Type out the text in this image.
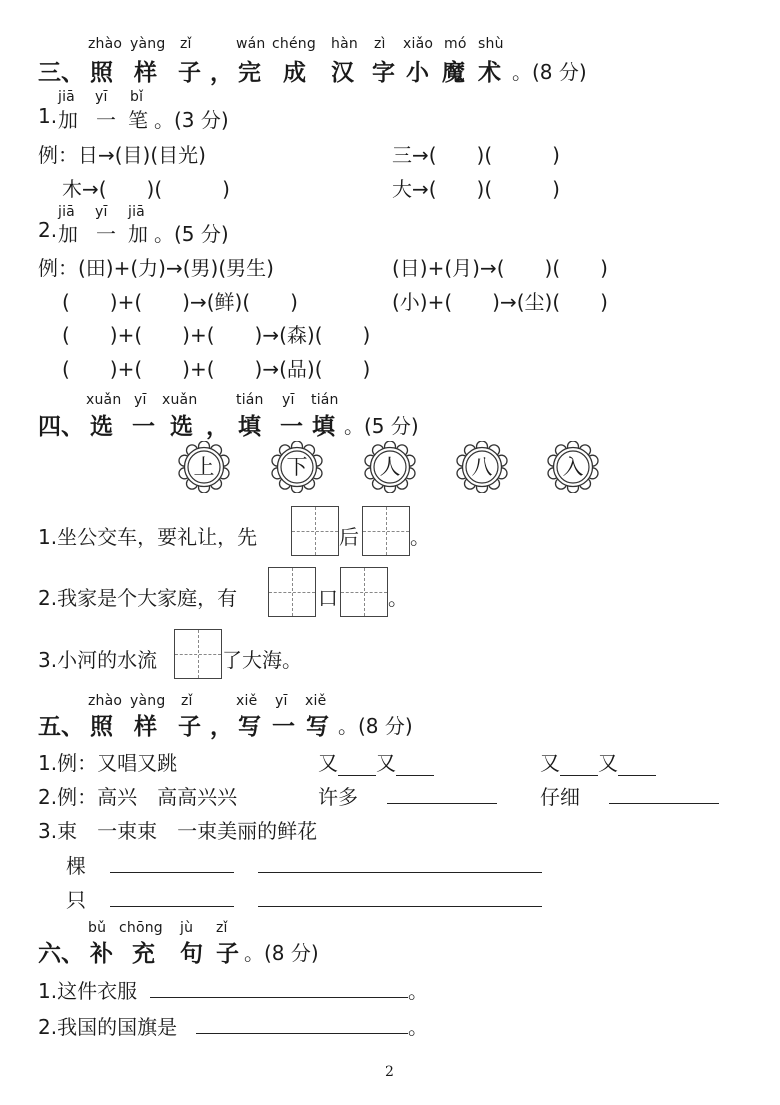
zhào yàng zǐ	wán chéng hàn zì xiǎo mó shù
三、 照 样 子 ， 完 成 汉 字 小 魔 术 。(8 分)
jiā yī bǐ
1. 加 一 笔 。(3 分)
例：日→(目)(目光)	三→(　　)(　　　)
木→(　　)(　　　)	大→(　　)(　　　)
jiā yī jiā
2. 加 一 加 。(5 分)
例：(田)+(力)→(男)(男生)	(日)+(月)→(　　)(　　)
(　　)+(　　)→(鲜)(　　)	(小)+(　　)→(尘)(　　)
(　　)+(　　)+(　　)→(森)(　　)
(　　)+(　　)+(　　)→(品)(　　)
xuǎn yī xuǎn	tián yī tián
四、 选 一 选 ， 填 一 填 。(5 分)
上	下	人	八	入
1.坐公交车，要礼让，先	后	。
2.我家是个大家庭，有	口	。
3.小河的水流	了大海。
zhào yàng zǐ	xiě yī xiě
五、 照 样 子 ， 写 一 写 。(8 分)
1.例：又唱又跳	又 又	又 又
2.例：高兴　高高兴兴	许多	仔细
3.束　一束束　一束美丽的鲜花
棵
只
bǔ chōng jù zǐ
六、 补 充 句 子 。(8 分)
1.这件衣服	。
2.我国的国旗是	。
2
